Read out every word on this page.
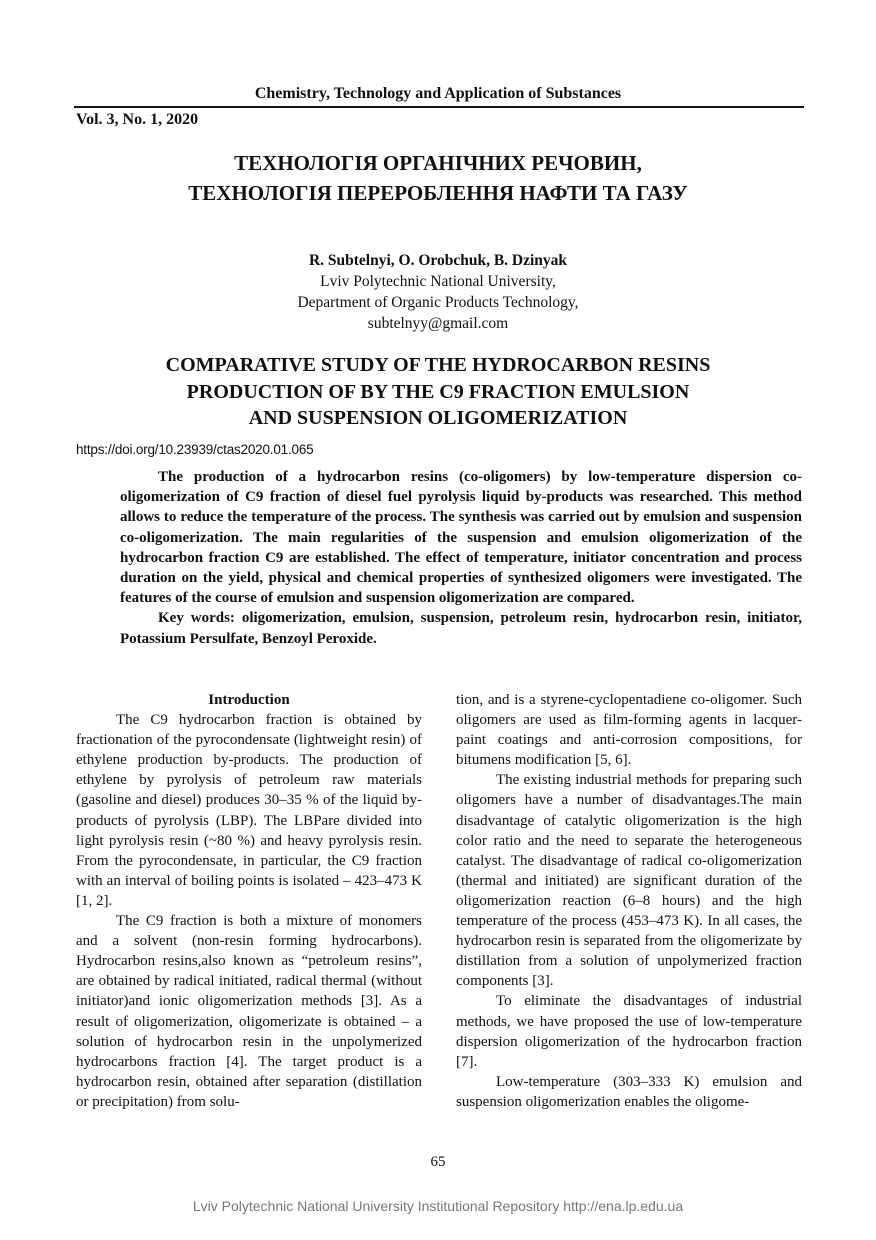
Chemistry, Technology and Application of Substances
Vol. 3, No. 1, 2020
ТЕХНОЛОГІЯ ОРГАНІЧНИХ РЕЧОВИН,
ТЕХНОЛОГІЯ ПЕРЕРОБЛЕННЯ НАФТИ ТА ГАЗУ
R. Subtelnyi, O. Orobchuk, B. Dzinyak
Lviv Polytechnic National University,
Department of Organic Products Technology,
subtelnyy@gmail.com
COMPARATIVE STUDY OF THE HYDROCARBON RESINS
PRODUCTION OF BY THE C9 FRACTION EMULSION
AND SUSPENSION OLIGOMERIZATION
https://doi.org/10.23939/ctas2020.01.065

The production of a hydrocarbon resins (co-oligomers) by low-temperature dispersion co-oligomerization of C9 fraction of diesel fuel pyrolysis liquid by-products was researched. This method allows to reduce the temperature of the process. The synthesis was carried out by emulsion and suspension co-oligomerization. The main regularities of the suspension and emulsion oligomerization of the hydrocarbon fraction C9 are established. The effect of temperature, initiator concentration and process duration on the yield, physical and chemical properties of synthesized oligomers were investigated. The features of the course of emulsion and suspension oligomerization are compared.

Key words: oligomerization, emulsion, suspension, petroleum resin, hydrocarbon resin, initiator, Potassium Persulfate, Benzoyl Peroxide.

Introduction

The C9 hydrocarbon fraction is obtained by fractionation of the pyrocondensate (lightweight resin) of ethylene production by-products. The production of ethylene by pyrolysis of petroleum raw materials (gasoline and diesel) produces 30–35 % of the liquid by-products of pyrolysis (LBP). The LBPare divided into light pyrolysis resin (~80 %) and heavy pyrolysis resin. From the pyrocondensate, in particular, the C9 fraction with an interval of boiling points is isolated – 423–473 K [1, 2].

The C9 fraction is both a mixture of monomers and a solvent (non-resin forming hydrocarbons). Hydrocarbon resins,also known as “petroleum resins”, are obtained by radical initiated, radical thermal (without initiator)and ionic oligomerization methods [3]. As a result of oligomerization, oligomerizate is obtained – a solution of hydrocarbon resin in the unpolymerized hydrocarbons fraction [4]. The target product is a hydrocarbon resin, obtained after separation (distillation or precipitation) from solu-

tion, and is a styrene-cyclopentadiene co-oligomer. Such oligomers are used as film-forming agents in lacquer-paint coatings and anti-corrosion compositions, for bitumens modification [5, 6].

The existing industrial methods for preparing such oligomers have a number of disadvantages.The main disadvantage of catalytic oligomerization is the high color ratio and the need to separate the heterogeneous catalyst. The disadvantage of radical co-oligomerization (thermal and initiated) are significant duration of the oligomerization reaction (6–8 hours) and the high temperature of the process (453–473 K). In all cases, the hydrocarbon resin is separated from the oligomerizate by distillation from a solution of unpolymerized fraction components [3].

To eliminate the disadvantages of industrial methods, we have proposed the use of low-temperature dispersion oligomerization of the hydrocarbon fraction [7].

Low-temperature (303–333 K) emulsion and suspension oligomerization enables the oligome-

65
Lviv Polytechnic National University Institutional Repository http://ena.lp.edu.ua
